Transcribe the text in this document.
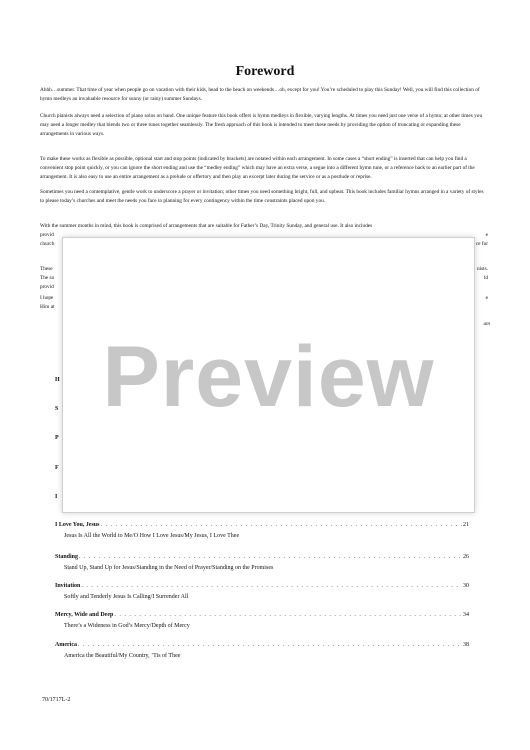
Foreword

Ahhh…summer. That time of year when people go on vacation with their kids, head to the beach on weekends…oh, except for you! You’re scheduled to play this Sunday! Well, you will find this collection of hymn medleys an invaluable resource for sunny (or rainy) summer Sundays.

Church pianists always need a selection of piano solos on hand. One unique feature this book offers is hymn medleys in flexible, varying lengths. At times you need just one verse of a hymn; at other times you may need a longer medley that blends two or three tunes together seamlessly. The fresh approach of this book is intended to meet these needs by providing the option of truncating or expanding these arrangements in various ways.

To make these works as flexible as possible, optional start and stop points (indicated by brackets) are notated within each arrangement. In some cases a “short ending” is inserted that can help you find a convenient stop point quickly, or you can ignore the short ending and use the “medley ending” which may have an extra verse, a segue into a different hymn tune, or a reference back to an earlier part of the arrangement. It is also easy to use an entire arrangement as a prelude or offertory and then play an excerpt later during the service or as a postlude or reprise.

Sometimes you need a contemplative, gentle work to underscore a prayer or invitation; other times you need something bright, full, and upbeat. This book includes familiar hymns arranged in a variety of styles to please today’s churches and meet the needs you face in planning for every contingency within the time constraints placed upon you.

With the summer months in mind, this book is comprised of arrangements that are suitable for Father’s Day, Trinity Sunday, and general use. It also includes
provid	e

church	ce for

These	nists.

The so	ld

provid

I hope	e

Him at

am
H
S
P
F
I
I Love You, Jesus . . .	21
Jesus Is All the World to Me/O How I Love Jesus/My Jesus, I Love Thee
Standing . . .	26
Stand Up, Stand Up for Jesus/Standing in the Need of Prayer/Standing on the Promises
Invitation . . .	30
Softly and Tenderly Jesus Is Calling/I Surrender All
Mercy, Wide and Deep . . .	34
There’s a Wideness in God’s Mercy/Depth of Mercy
America . . .	38
America the Beautiful/My Country, ’Tis of Thee
Preview
70/1717L-2
